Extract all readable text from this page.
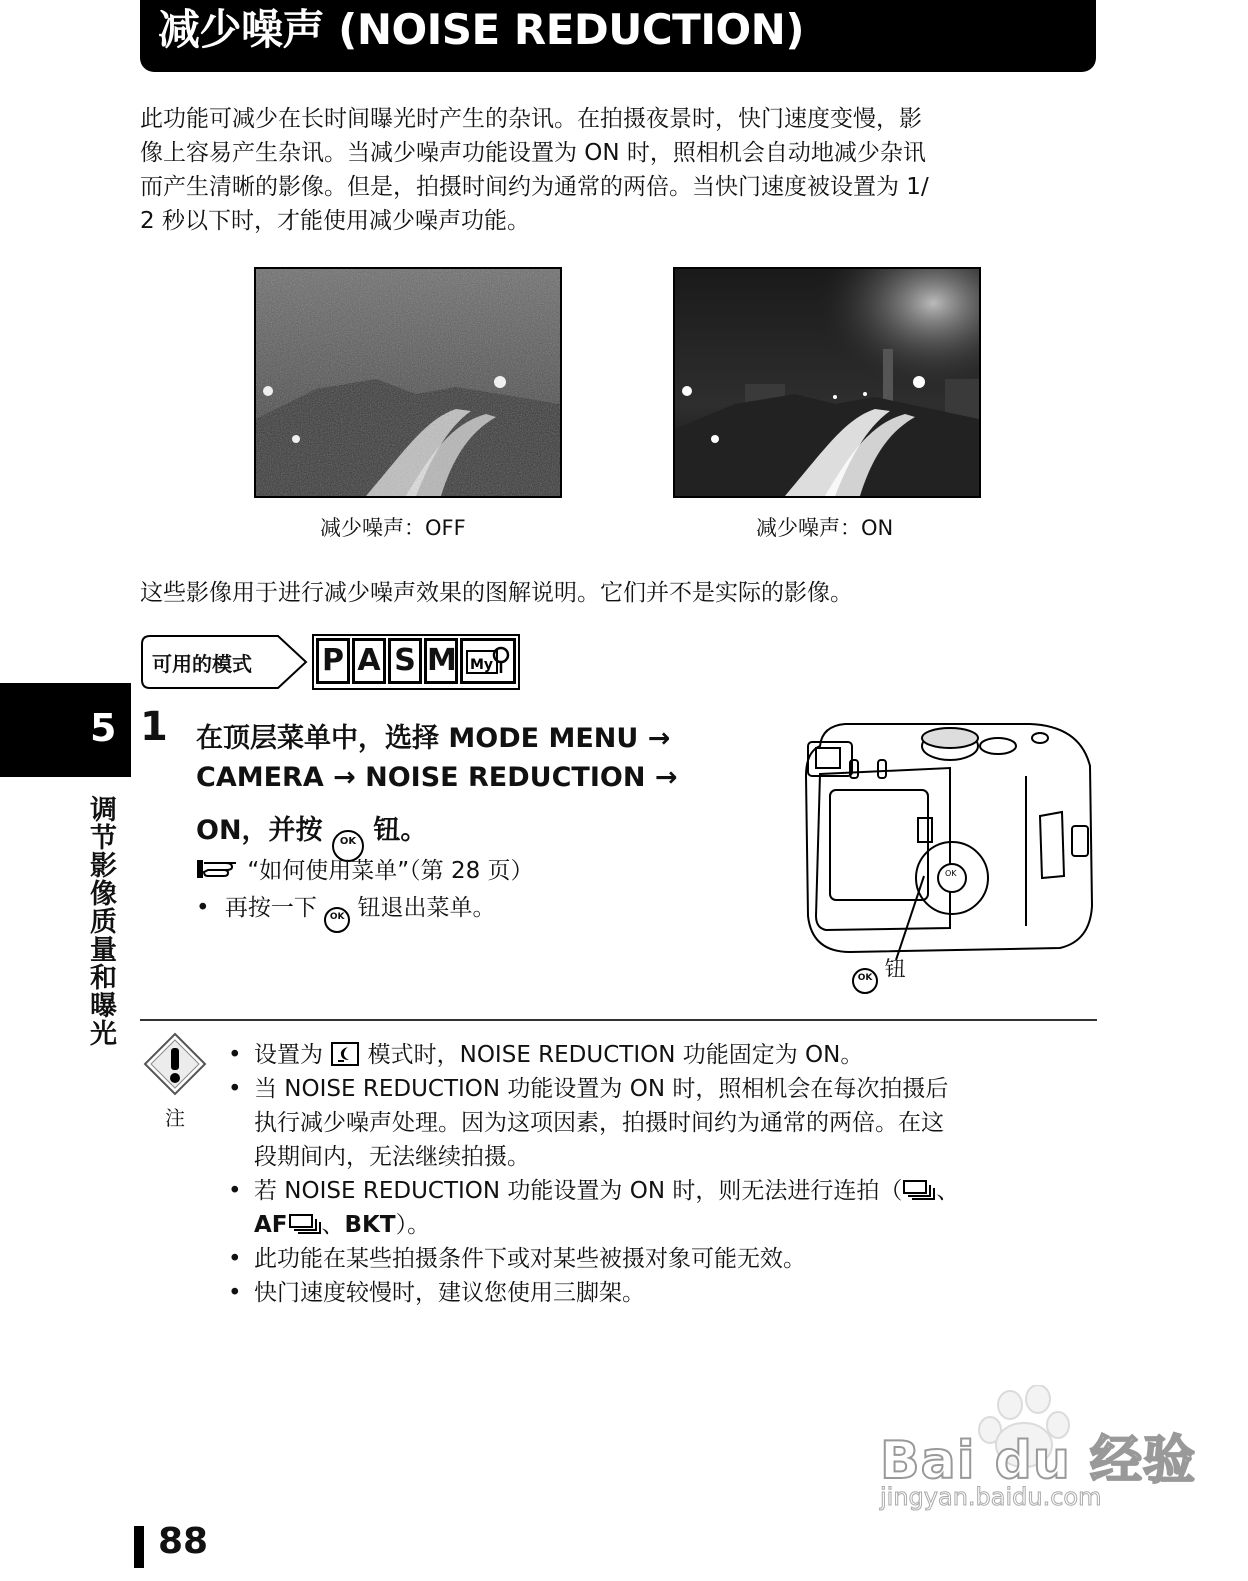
减少噪声 (NOISE REDUCTION)
此功能可减少在长时间曝光时产生的杂讯。在拍摄夜景时，快门速度变慢，影
像上容易产生杂讯。当减少噪声功能设置为 ON 时，照相机会自动地减少杂讯
而产生清晰的影像。但是，拍摄时间约为通常的两倍。当快门速度被设置为 1/
2 秒以下时，才能使用减少噪声功能。
减少噪声：OFF	减少噪声：ON
这些影像用于进行减少噪声效果的图解说明。它们并不是实际的影像。
可用的模式 P A S M My
5
调节影像质量和曝光
1 在顶层菜单中，选择 MODE MENU →
CAMERA → NOISE REDUCTION →
ON，并按 OK 钮。
“如何使用菜单”（第 28 页）
• 再按一下 OK 钮退出菜单。
OK
OK 钮
注
• 设置为 模式时，NOISE REDUCTION 功能固定为 ON。
• 当 NOISE REDUCTION 功能设置为 ON 时，照相机会在每次拍摄后
执行减少噪声处理。因为这项因素，拍摄时间约为通常的两倍。在这
段期间内，无法继续拍摄。
• 若 NOISE REDUCTION 功能设置为 ON 时，则无法进行连拍（ 、
AF 、BKT）。
• 此功能在某些拍摄条件下或对某些被摄对象可能无效。
• 快门速度较慢时，建议您使用三脚架。
Bai du 经验
jingyan.baidu.com
88
